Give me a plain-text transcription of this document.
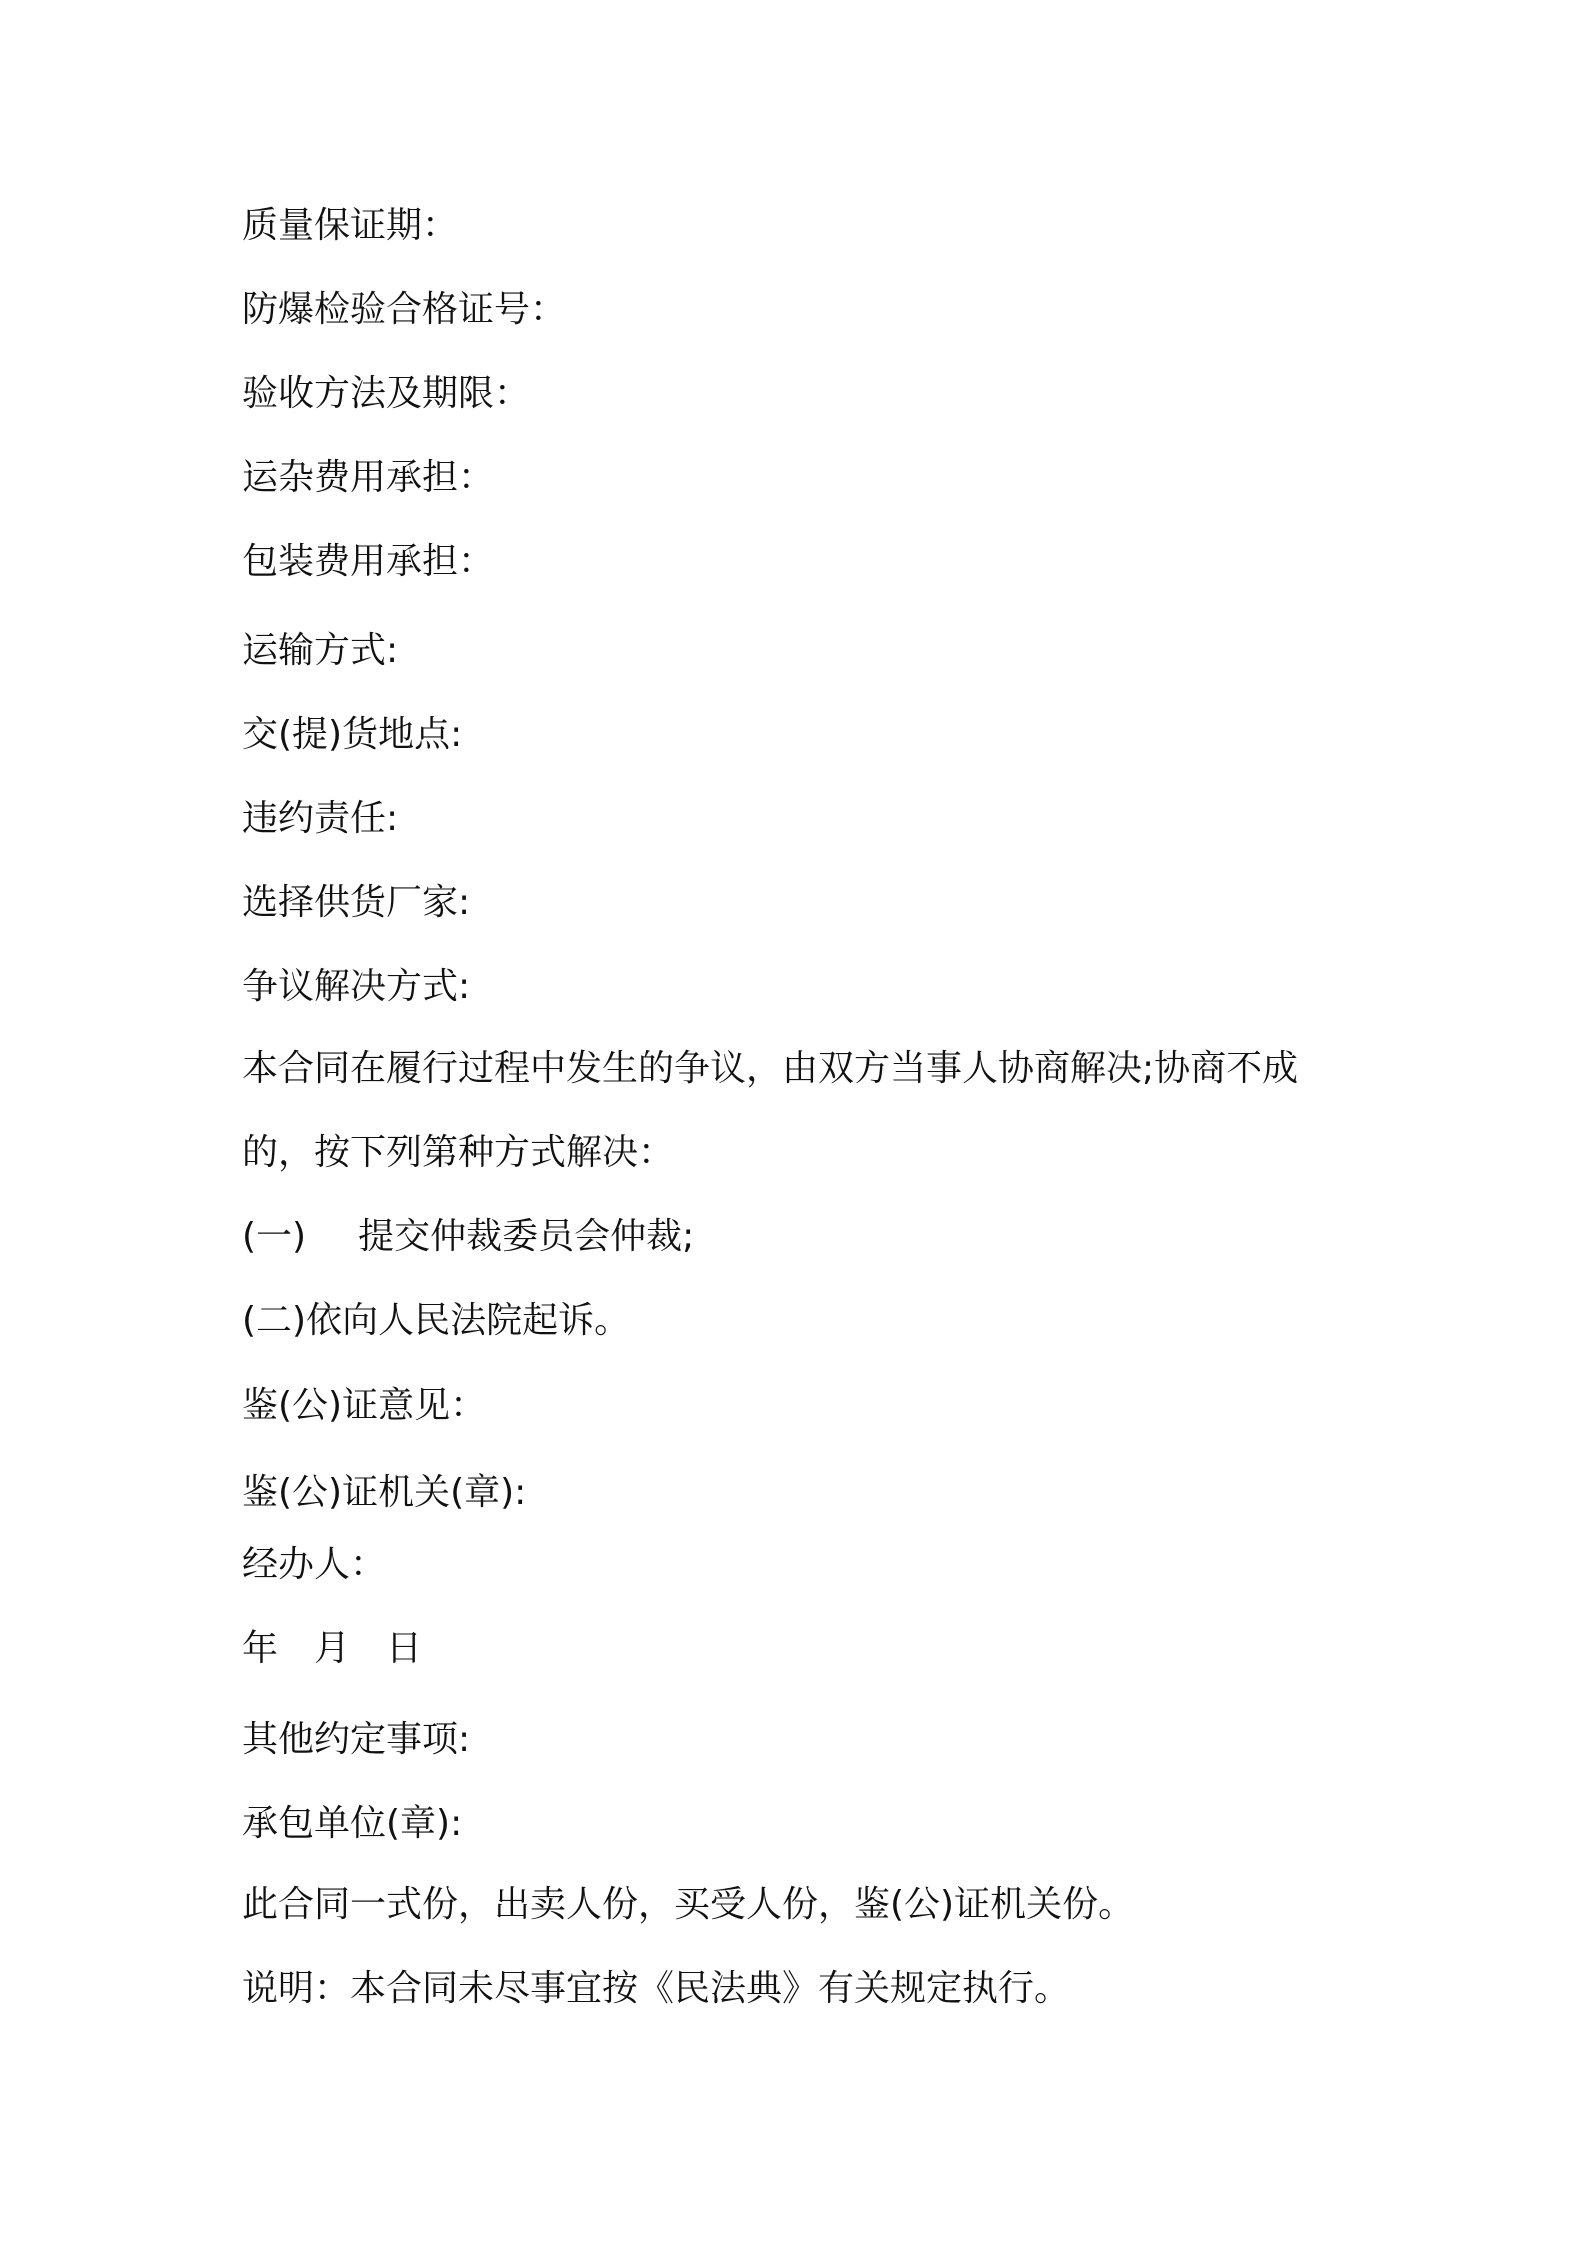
质量保证期：

防爆检验合格证号：

验收方法及期限：

运杂费用承担：

包装费用承担：

运输方式:

交(提)货地点:

违约责任:

选择供货厂家:

争议解决方式:

本合同在履行过程中发生的争议，由双方当事人协商解决;协商不成

的，按下列第种方式解决：

(一) 提交仲裁委员会仲裁;

(二)依向人民法院起诉。

鉴(公)证意见：

鉴(公)证机关(章):

经办人：

年　月　日

其他约定事项:

承包单位(章):

此合同一式份，出卖人份，买受人份，鉴(公)证机关份。

说明：本合同未尽事宜按《民法典》有关规定执行。
